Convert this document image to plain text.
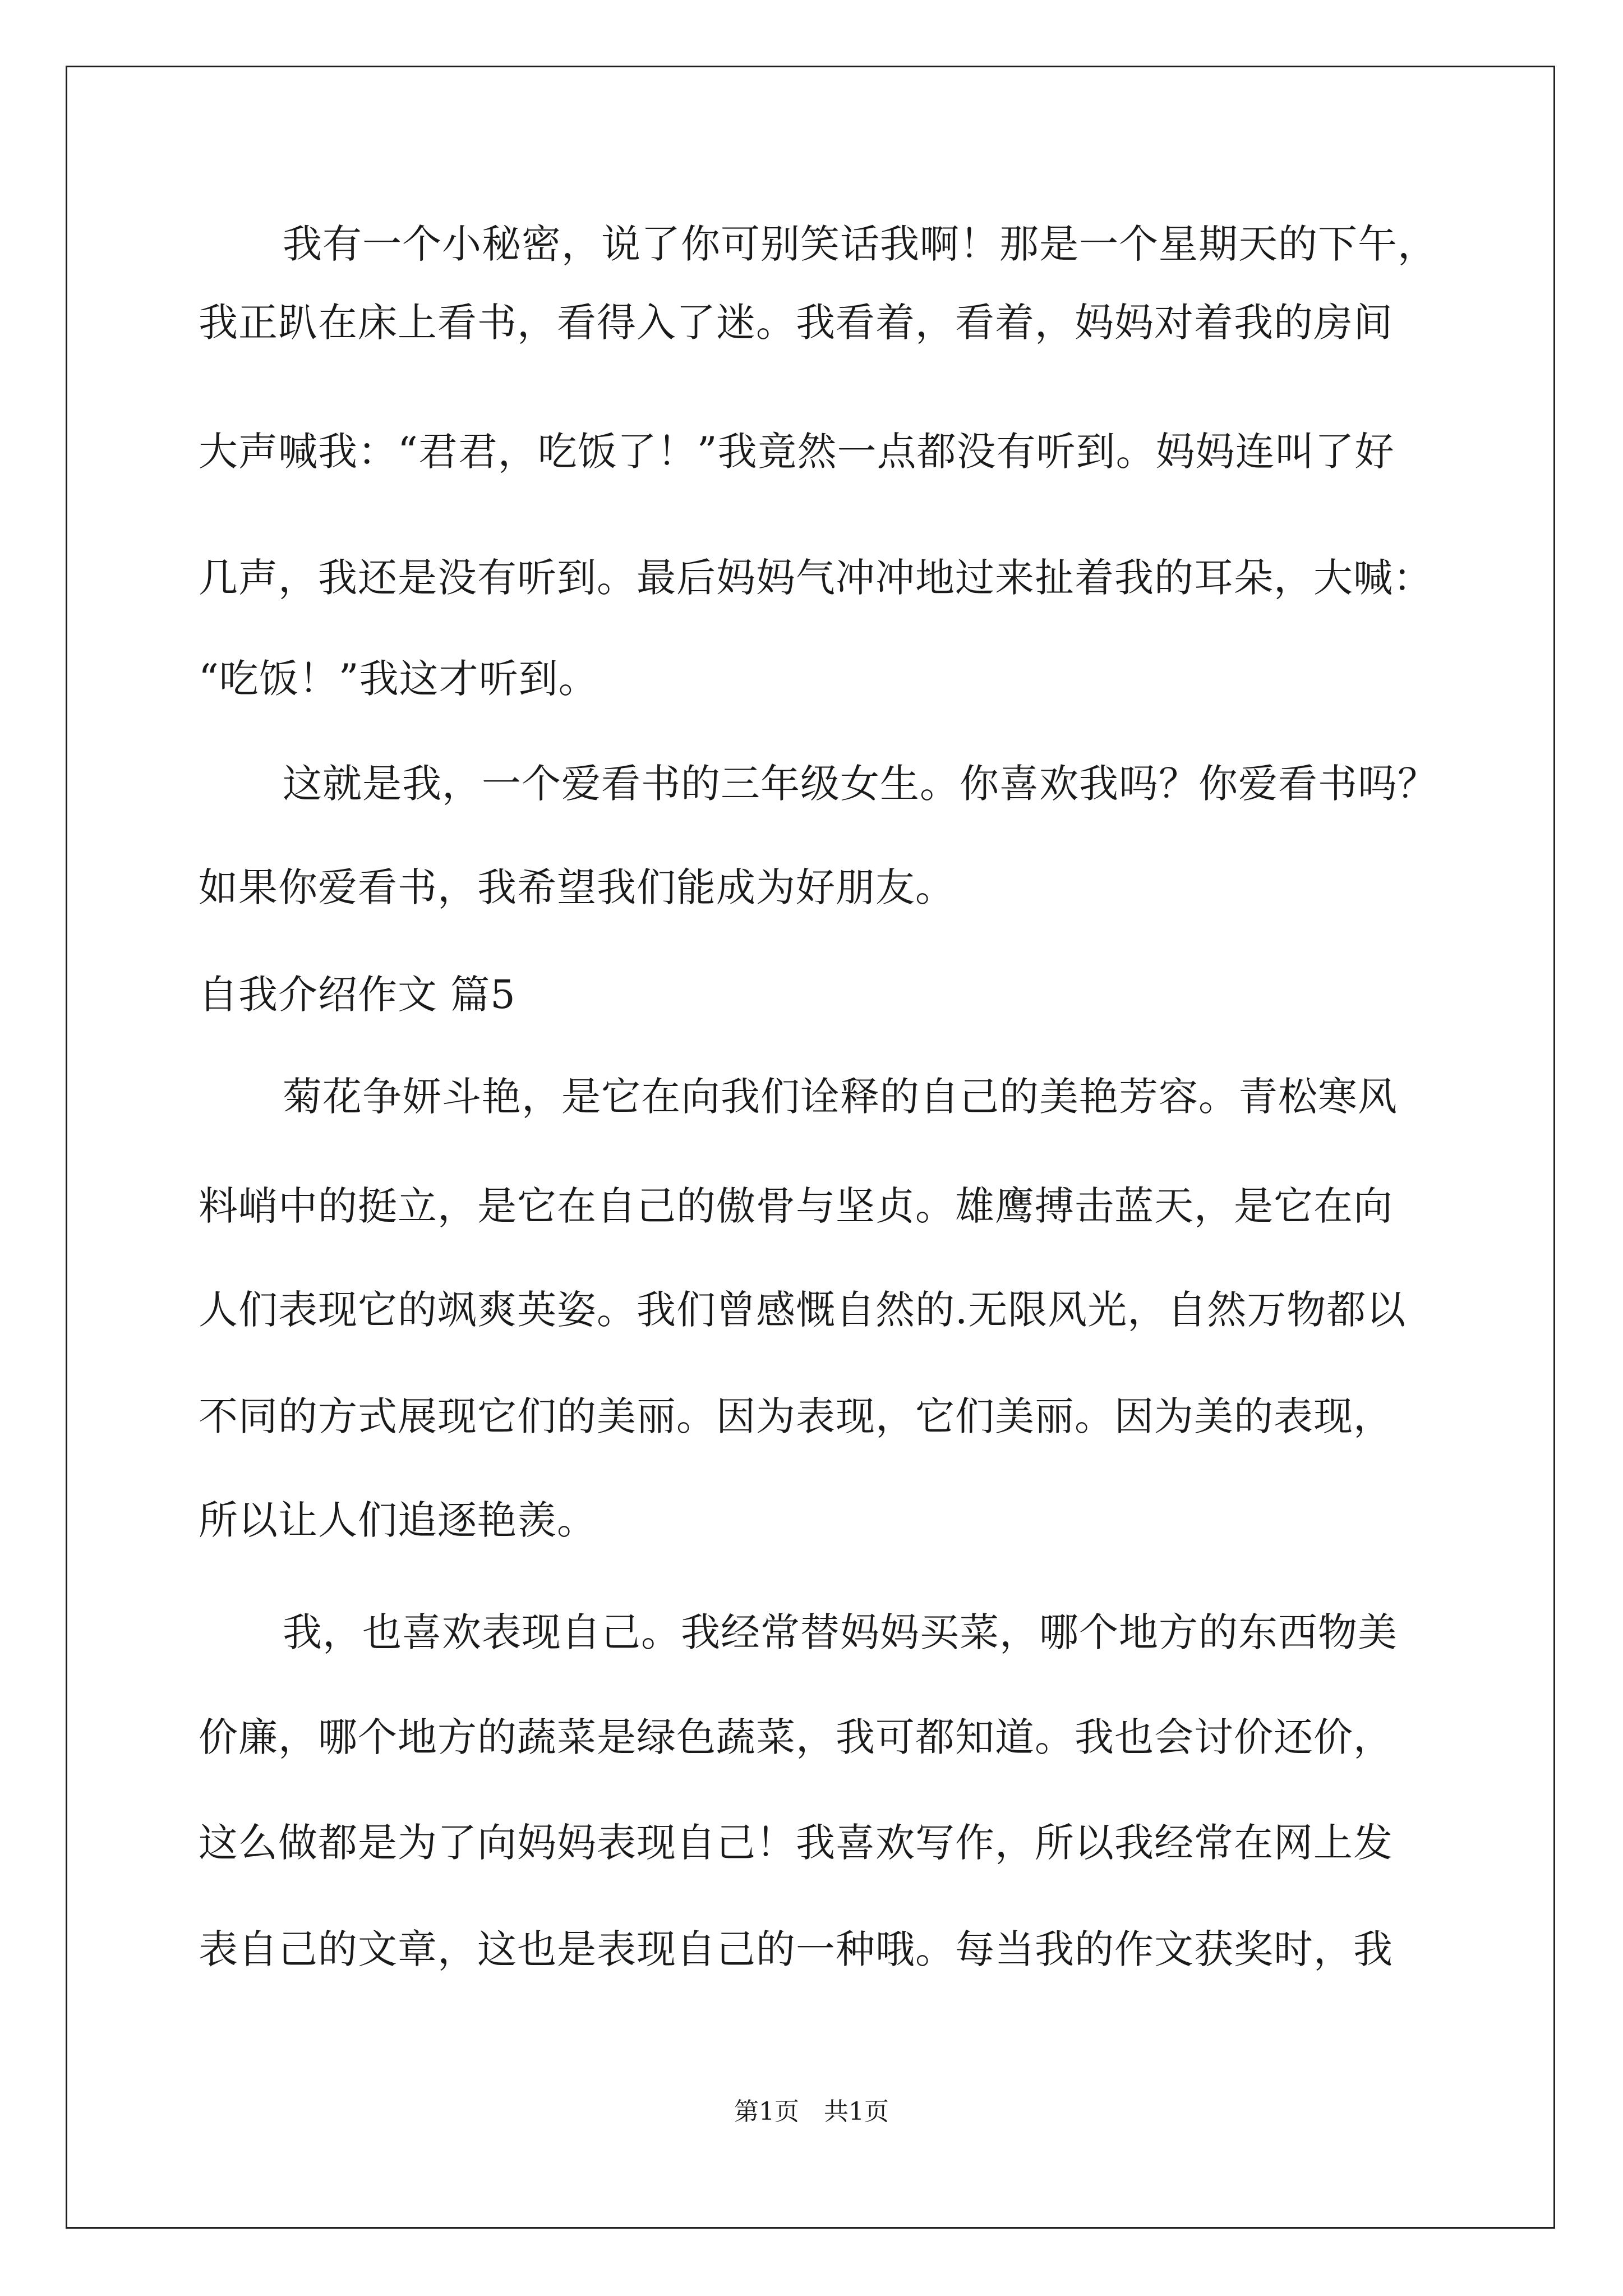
我有一个小秘密，说了你可别笑话我啊！那是一个星期天的下午，
我正趴在床上看书，看得入了迷。我看着，看着，妈妈对着我的房间
大声喊我：“君君，吃饭了！”我竟然一点都没有听到。妈妈连叫了好
几声，我还是没有听到。最后妈妈气冲冲地过来扯着我的耳朵，大喊：
“吃饭！”我这才听到。
这就是我，一个爱看书的三年级女生。你喜欢我吗？你爱看书吗？
如果你爱看书，我希望我们能成为好朋友。
自我介绍作文 篇5
菊花争妍斗艳，是它在向我们诠释的自己的美艳芳容。青松寒风
料峭中的挺立，是它在自己的傲骨与坚贞。雄鹰搏击蓝天，是它在向
人们表现它的飒爽英姿。我们曾感慨自然的.无限风光，自然万物都以
不同的方式展现它们的美丽。因为表现，它们美丽。因为美的表现，
所以让人们追逐艳羡。
我，也喜欢表现自己。我经常替妈妈买菜，哪个地方的东西物美
价廉，哪个地方的蔬菜是绿色蔬菜，我可都知道。我也会讨价还价，
这么做都是为了向妈妈表现自己！我喜欢写作，所以我经常在网上发
表自己的文章，这也是表现自己的一种哦。每当我的作文获奖时，我
第1页 共1页
